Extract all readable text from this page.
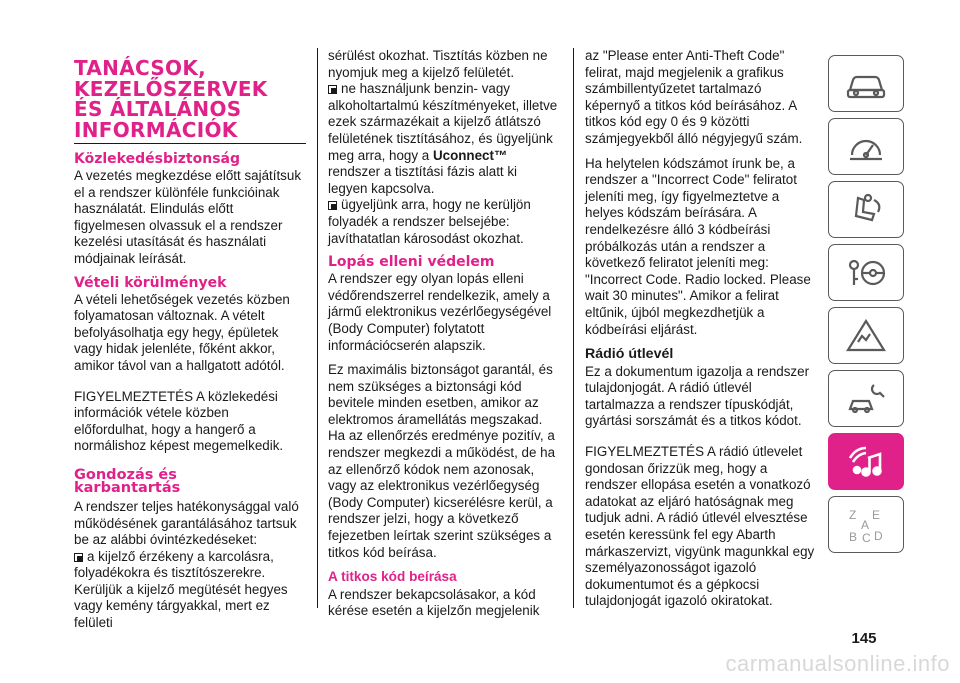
TANÁCSOK,
KEZELŐSZERVEK
ÉS ÁLTALÁNOS
INFORMÁCIÓK
Közlekedésbiztonság

A vezetés megkezdése előtt sajátítsuk el a rendszer különféle funkcióinak használatát. Elindulás előtt figyelmesen olvassuk el a rendszer kezelési utasítását és használati módjainak leírását.

Vételi körülmények

A vételi lehetőségek vezetés közben folyamatosan változnak. A vételt befolyásolhatja egy hegy, épületek vagy hidak jelenléte, főként akkor, amikor távol van a hallgatott adótól.

FIGYELMEZTETÉS A közlekedési információk vétele közben előfordulhat, hogy a hangerő a normálishoz képest megemelkedik.

Gondozás és
karbantartás

A rendszer teljes hatékonysággal való működésének garantálásához tartsuk be az alábbi óvintézkedéseket:

a kijelző érzékeny a karcolásra, folyadékokra és tisztítószerekre.

Kerüljük a kijelző megütését hegyes vagy kemény tárgyakkal, mert ez felületi

sérülést okozhat. Tisztítás közben ne nyomjuk meg a kijelző felületét.

ne használjunk benzin- vagy alkoholtartalmú készítményeket, illetve ezek származékait a kijelző átlátszó felületének tisztításához, és ügyeljünk meg arra, hogy a Uconnect™ rendszer a tisztítási fázis alatt ki legyen kapcsolva.

ügyeljünk arra, hogy ne kerüljön folyadék a rendszer belsejébe: javíthatatlan károsodást okozhat.

Lopás elleni védelem

A rendszer egy olyan lopás elleni védőrendszerrel rendelkezik, amely a jármű elektronikus vezérlőegységével (Body Computer) folytatott információcserén alapszik.

Ez maximális biztonságot garantál, és nem szükséges a biztonsági kód bevitele minden esetben, amikor az elektromos áramellátás megszakad. Ha az ellenőrzés eredménye pozitív, a rendszer megkezdi a működést, de ha az ellenőrző kódok nem azonosak, vagy az elektronikus vezérlőegység (Body Computer) kicserélésre kerül, a rendszer jelzi, hogy a következő fejezetben leírtak szerint szükséges a titkos kód beírása.

A titkos kód beírása

A rendszer bekapcsolásakor, a kód kérése esetén a kijelzőn megjelenik

az "Please enter Anti-Theft Code" felirat, majd megjelenik a grafikus számbillentyűzetet tartalmazó képernyő a titkos kód beírásához. A titkos kód egy 0 és 9 közötti számjegyekből álló négyjegyű szám.

Ha helytelen kódszámot írunk be, a rendszer a "Incorrect Code" feliratot jeleníti meg, így figyelmeztetve a helyes kódszám beírására. A rendelkezésre álló 3 kódbeírási próbálkozás után a rendszer a következő feliratot jeleníti meg: "Incorrect Code. Radio locked. Please wait 30 minutes". Amikor a felirat eltűnik, újból megkezdhetjük a kódbeírási eljárást.

Rádió útlevél

Ez a dokumentum igazolja a rendszer tulajdonjogát. A rádió útlevél tartalmazza a rendszer típuskódját, gyártási sorszámát és a titkos kódot.

FIGYELMEZTETÉS A rádió útlevelet gondosan őrizzük meg, hogy a rendszer ellopása esetén a vonatkozó adatokat az eljáró hatóságnak meg tudjuk adni. A rádió útlevél elvesztése esetén keressünk fel egy Abarth márkaszervizt, vigyünk magunkkal egy személyazonosságot igazoló dokumentumot és a gépkocsi tulajdonjogát igazoló okiratokat.

Z E
A
B C D
145
carmanualsonline.info
